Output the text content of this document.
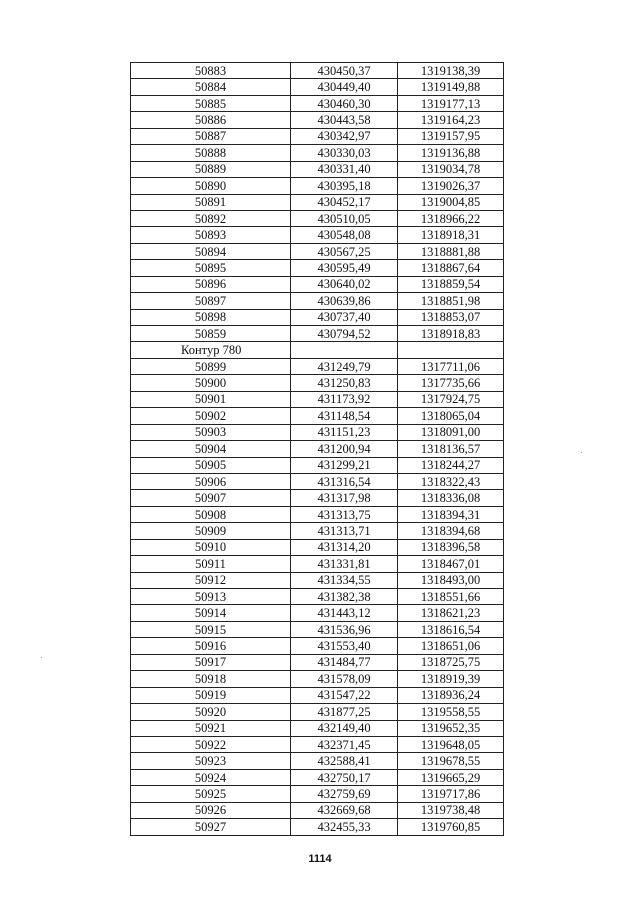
50883	430450,37	1319138,39
50884	430449,40	1319149,88
50885	430460,30	1319177,13
50886	430443,58	1319164,23
50887	430342,97	1319157,95
50888	430330,03	1319136,88
50889	430331,40	1319034,78
50890	430395,18	1319026,37
50891	430452,17	1319004,85
50892	430510,05	1318966,22
50893	430548,08	1318918,31
50894	430567,25	1318881,88
50895	430595,49	1318867,64
50896	430640,02	1318859,54
50897	430639,86	1318851,98
50898	430737,40	1318853,07
50859	430794,52	1318918,83
Контур 780		
50899	431249,79	1317711,06
50900	431250,83	1317735,66
50901	431173,92	1317924,75
50902	431148,54	1318065,04
50903	431151,23	1318091,00
50904	431200,94	1318136,57
50905	431299,21	1318244,27
50906	431316,54	1318322,43
50907	431317,98	1318336,08
50908	431313,75	1318394,31
50909	431313,71	1318394,68
50910	431314,20	1318396,58
50911	431331,81	1318467,01
50912	431334,55	1318493,00
50913	431382,38	1318551,66
50914	431443,12	1318621,23
50915	431536,96	1318616,54
50916	431553,40	1318651,06
50917	431484,77	1318725,75
50918	431578,09	1318919,39
50919	431547,22	1318936,24
50920	431877,25	1319558,55
50921	432149,40	1319652,35
50922	432371,45	1319648,05
50923	432588,41	1319678,55
50924	432750,17	1319665,29
50925	432759,69	1319717,86
50926	432669,68	1319738,48
50927	432455,33	1319760,85
1114
